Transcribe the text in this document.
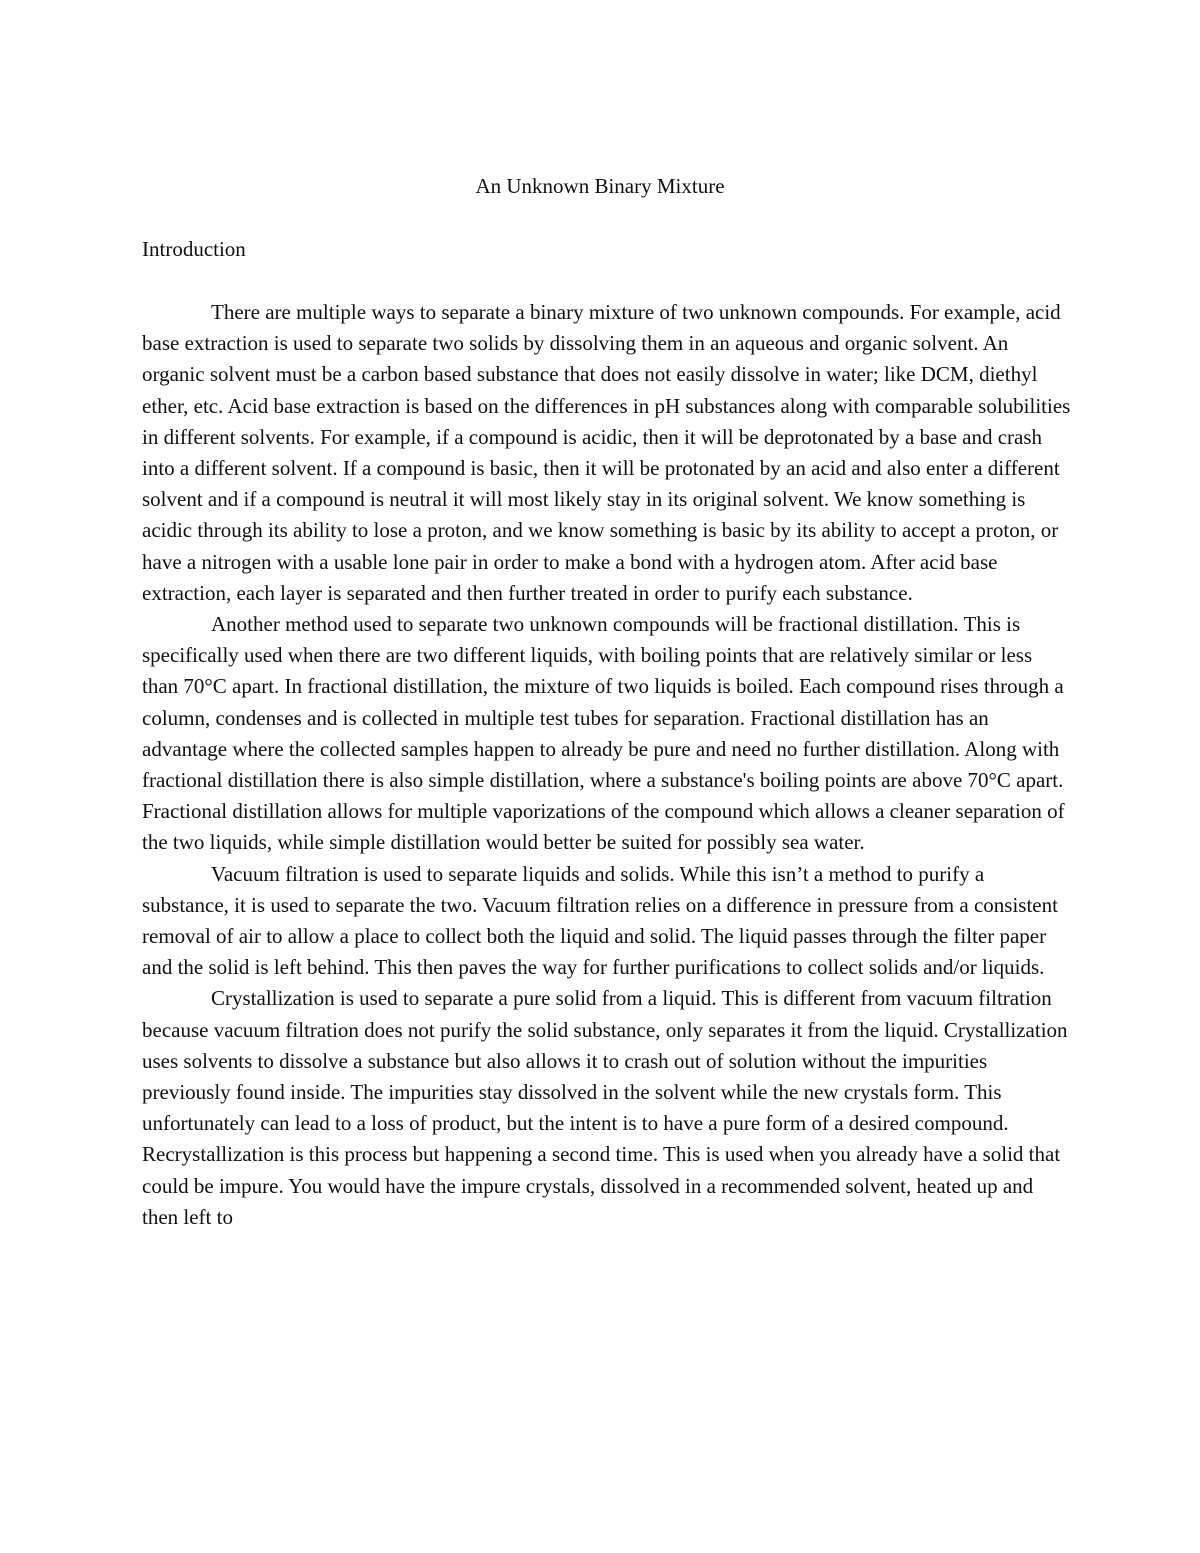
An Unknown Binary Mixture
Introduction

There are multiple ways to separate a binary mixture of two unknown compounds. For example, acid base extraction is used to separate two solids by dissolving them in an aqueous and organic solvent. An organic solvent must be a carbon based substance that does not easily dissolve in water; like DCM, diethyl ether, etc. Acid base extraction is based on the differences in pH substances along with comparable solubilities in different solvents. For example, if a compound is acidic, then it will be deprotonated by a base and crash into a different solvent. If a compound is basic, then it will be protonated by an acid and also enter a different solvent and if a compound is neutral it will most likely stay in its original solvent. We know something is acidic through its ability to lose a proton, and we know something is basic by its ability to accept a proton, or have a nitrogen with a usable lone pair in order to make a bond with a hydrogen atom. After acid base extraction, each layer is separated and then further treated in order to purify each substance.

Another method used to separate two unknown compounds will be fractional distillation. This is specifically used when there are two different liquids, with boiling points that are relatively similar or less than 70°C apart. In fractional distillation, the mixture of two liquids is boiled. Each compound rises through a column, condenses and is collected in multiple test tubes for separation. Fractional distillation has an advantage where the collected samples happen to already be pure and need no further distillation. Along with fractional distillation there is also simple distillation, where a substance's boiling points are above 70°C apart. Fractional distillation allows for multiple vaporizations of the compound which allows a cleaner separation of the two liquids, while simple distillation would better be suited for possibly sea water.

Vacuum filtration is used to separate liquids and solids. While this isn’t a method to purify a substance, it is used to separate the two. Vacuum filtration relies on a difference in pressure from a consistent removal of air to allow a place to collect both the liquid and solid. The liquid passes through the filter paper and the solid is left behind. This then paves the way for further purifications to collect solids and/or liquids.

Crystallization is used to separate a pure solid from a liquid. This is different from vacuum filtration because vacuum filtration does not purify the solid substance, only separates it from the liquid. Crystallization uses solvents to dissolve a substance but also allows it to crash out of solution without the impurities previously found inside. The impurities stay dissolved in the solvent while the new crystals form. This unfortunately can lead to a loss of product, but the intent is to have a pure form of a desired compound. Recrystallization is this process but happening a second time. This is used when you already have a solid that could be impure. You would have the impure crystals, dissolved in a recommended solvent, heated up and then left to
